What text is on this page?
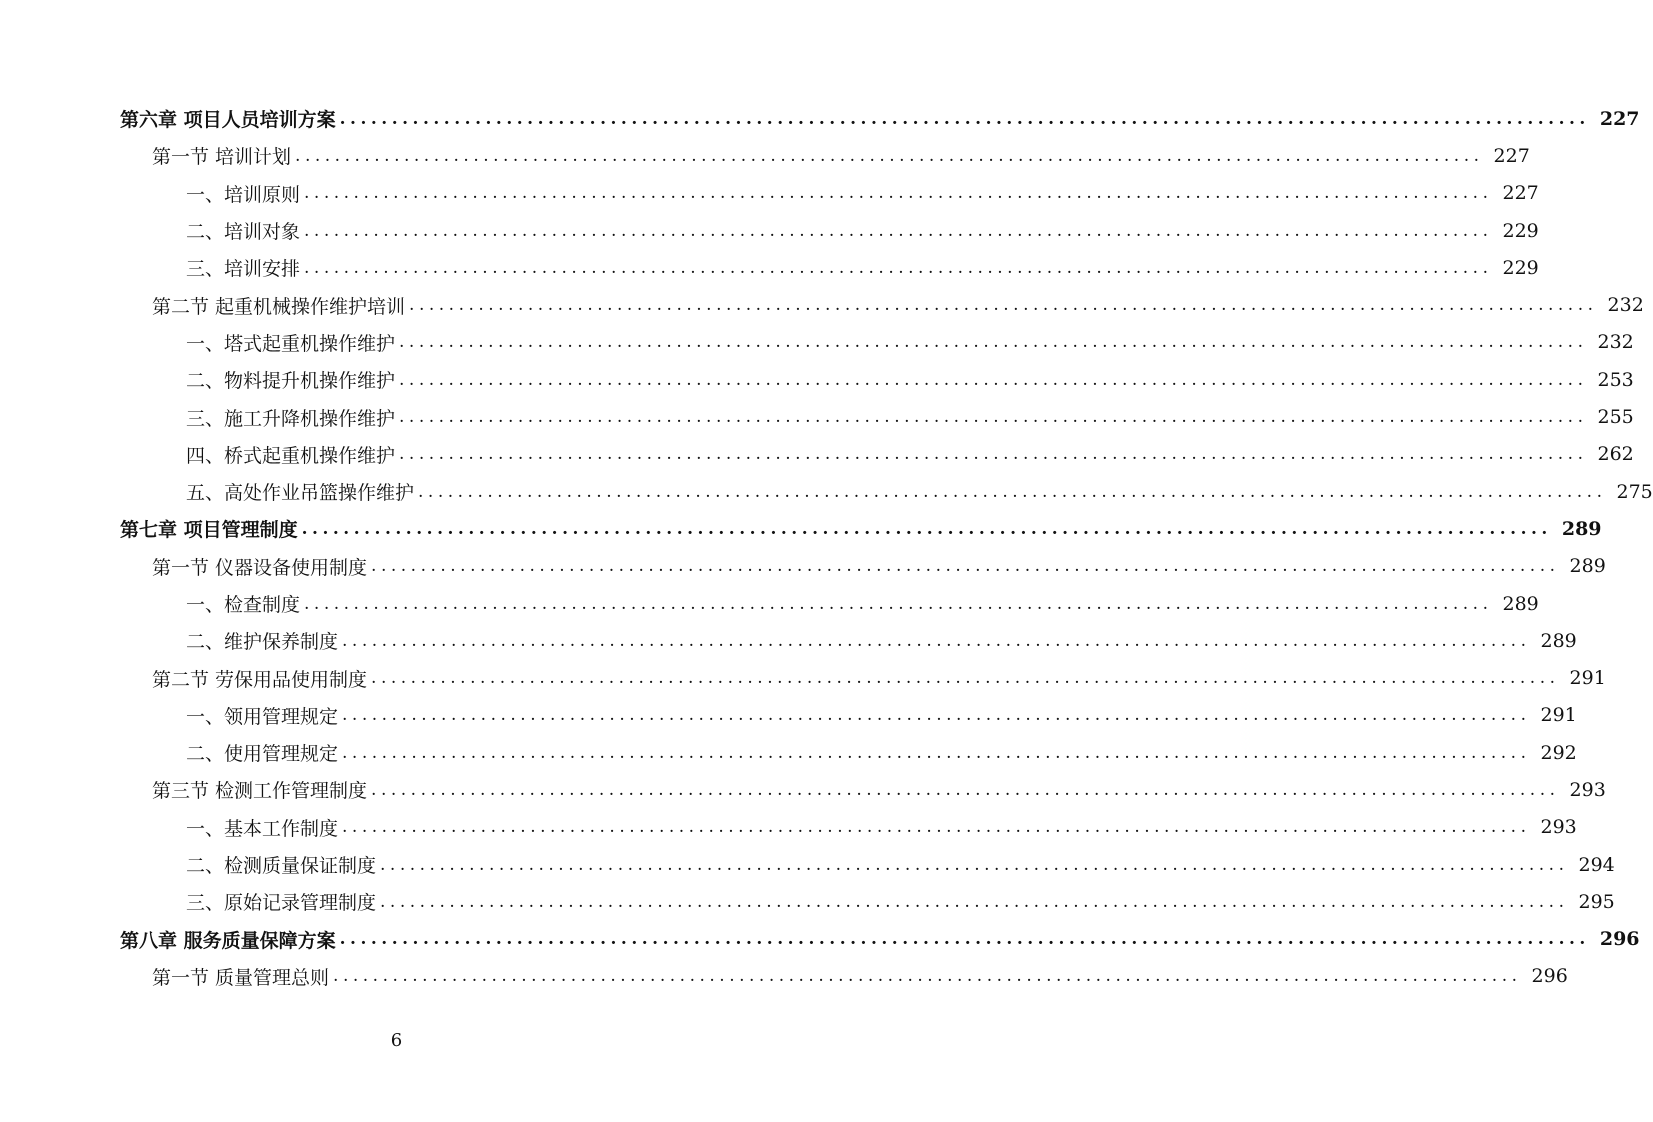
第六章 项目人员培训方案 ........................................................................................................................ 227
第一节 培训计划 ........................................................................................................................ 227
一、培训原则 ........................................................................................................................ 227
二、培训对象 ........................................................................................................................ 229
三、培训安排 ........................................................................................................................ 229
第二节 起重机械操作维护培训 ........................................................................................................................ 232
一、塔式起重机操作维护 ........................................................................................................................ 232
二、物料提升机操作维护 ........................................................................................................................ 253
三、施工升降机操作维护 ........................................................................................................................ 255
四、桥式起重机操作维护 ........................................................................................................................ 262
五、高处作业吊篮操作维护 ........................................................................................................................ 275
第七章 项目管理制度 ........................................................................................................................ 289
第一节 仪器设备使用制度 ........................................................................................................................ 289
一、检查制度 ........................................................................................................................ 289
二、维护保养制度 ........................................................................................................................ 289
第二节 劳保用品使用制度 ........................................................................................................................ 291
一、领用管理规定 ........................................................................................................................ 291
二、使用管理规定 ........................................................................................................................ 292
第三节 检测工作管理制度 ........................................................................................................................ 293
一、基本工作制度 ........................................................................................................................ 293
二、检测质量保证制度 ........................................................................................................................ 294
三、原始记录管理制度 ........................................................................................................................ 295
第八章 服务质量保障方案 ........................................................................................................................ 296
第一节 质量管理总则 ........................................................................................................................ 296
6
